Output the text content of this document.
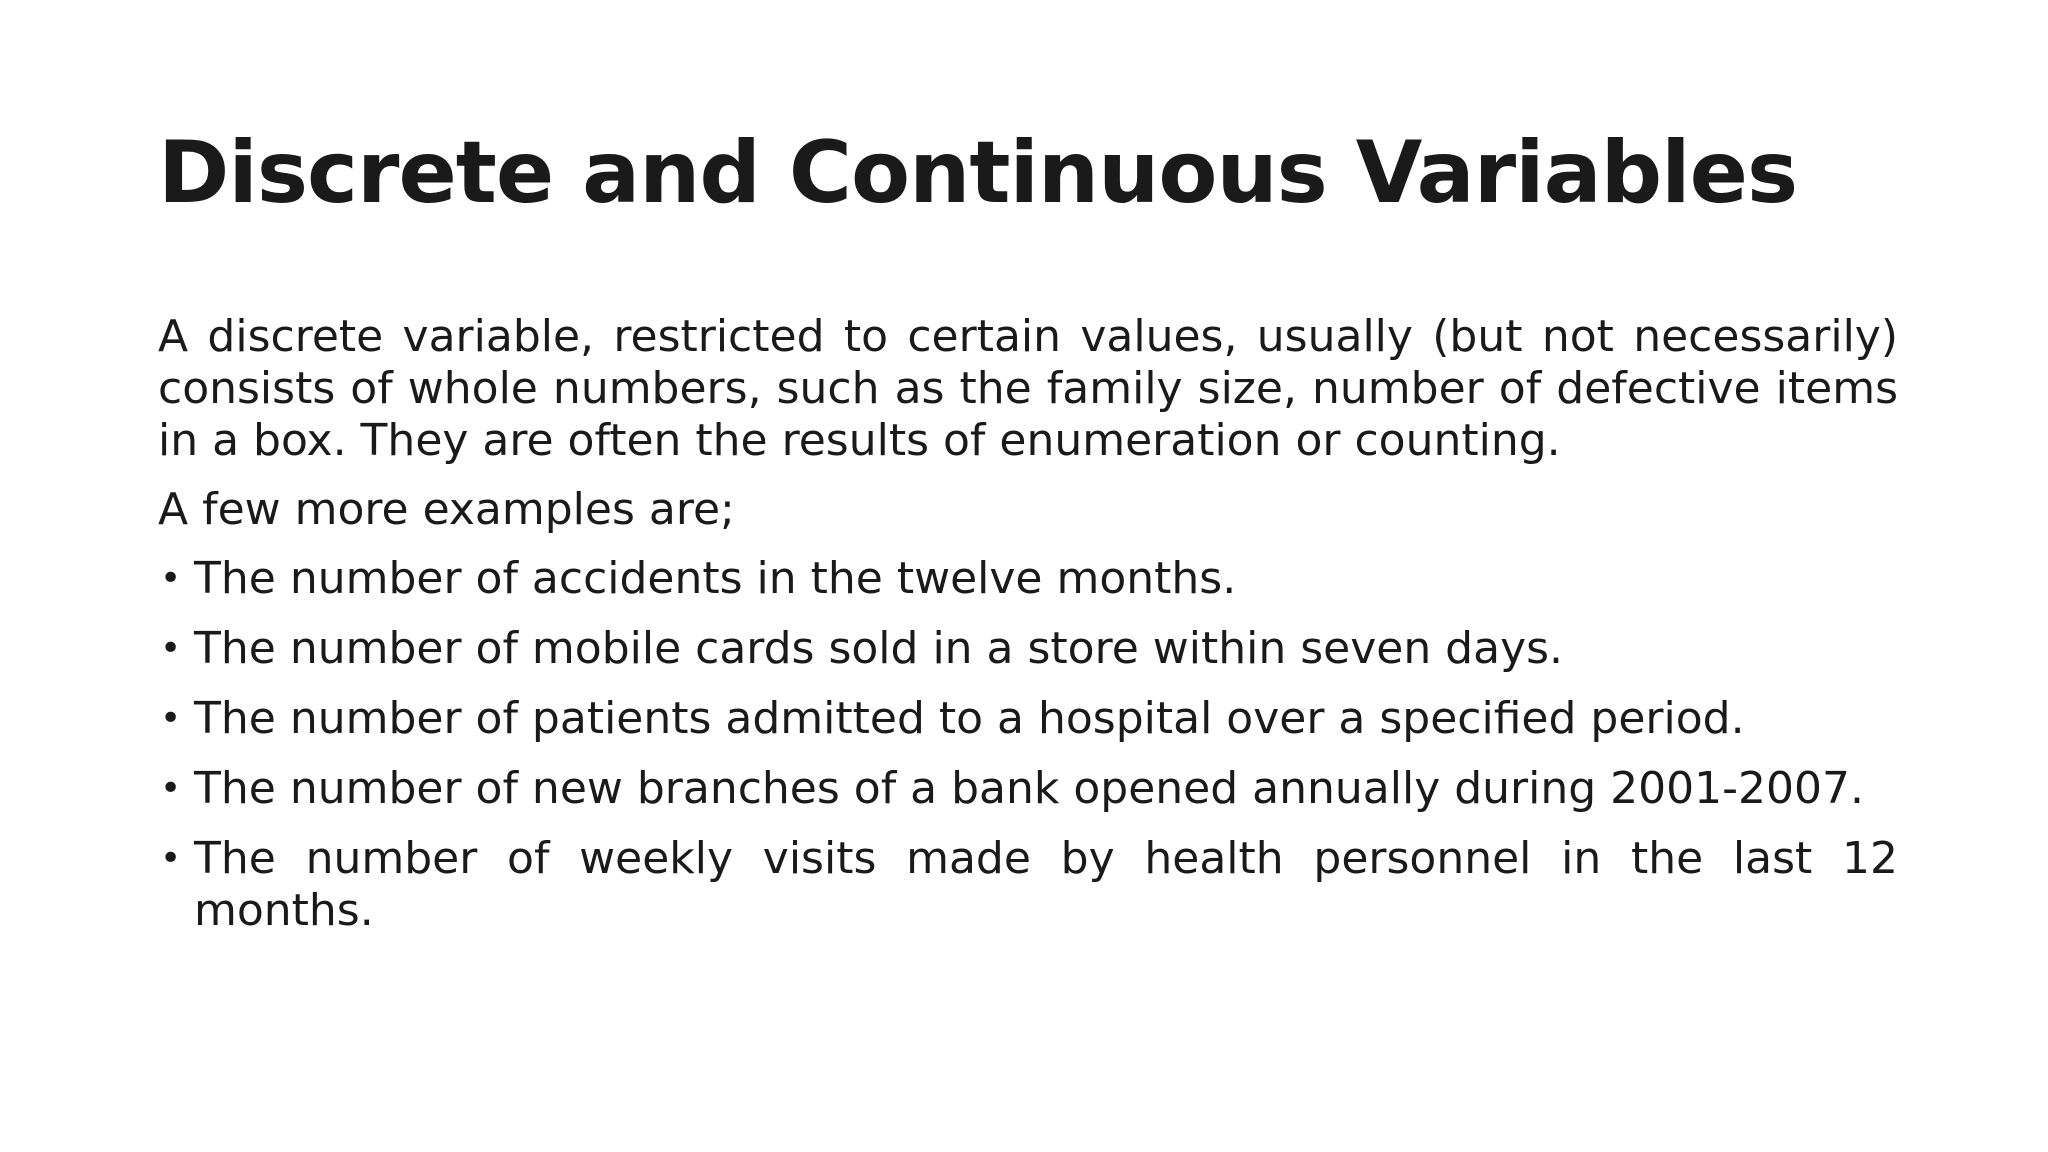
Discrete and Continuous Variables

A discrete variable, restricted to certain values, usually (but not necessarily) consists of whole numbers, such as the family size, number of defective items in a box. They are often the results of enumeration or counting.

A few more examples are;

• The number of accidents in the twelve months.
• The number of mobile cards sold in a store within seven days.
• The number of patients admitted to a hospital over a specified period.
• The number of new branches of a bank opened annually during 2001-2007.
• The number of weekly visits made by health personnel in the last 12 months.
